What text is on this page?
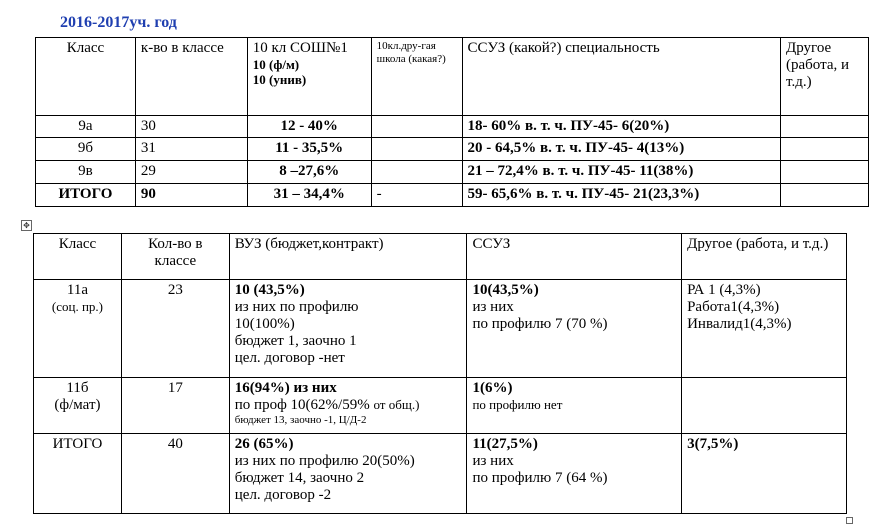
2016-2017уч. год
Класс	к-во в классе	10 кл СОШ№1
10 (ф/м)
10 (унив)	10кл.дру-гая школа (какая?)	ССУЗ (какой?) специальность	Другое (работа, и т.д.)
9а	30	12 - 40%		18- 60% в. т. ч. ПУ-45- 6(20%)	
9б	31	11 - 35,5%		20 - 64,5% в. т. ч. ПУ-45- 4(13%)	
9в	29	8 –27,6%		21 – 72,4% в. т. ч. ПУ-45- 11(38%)	
ИТОГО	90	31 – 34,4%	-	59- 65,6% в. т. ч. ПУ-45- 21(23,3%)	
✥
Класс	Кол-во в классе	ВУЗ (бюджет,контракт)	ССУЗ	Другое (работа, и т.д.)

11а
(соц. пр.)	23	10 (43,5%)
из них по профилю
10(100%)
бюджет 1, заочно 1
цел. договор -нет	10(43,5%)
из них
по профилю 7 (70 %)	РА 1 (4,3%)
Работа1(4,3%)
Инвалид1(4,3%)

11б
(ф/мат)	17	16(94%) из них
по проф 10(62%/59% от общ.)
бюджет 13, заочно -1, Ц/Д-2	1(6%)
по профилю нет	

ИТОГО	40	26 (65%)
из них по профилю 20(50%)
бюджет 14, заочно 2
цел. договор -2	11(27,5%)
из них
по профилю 7 (64 %)	3(7,5%)
